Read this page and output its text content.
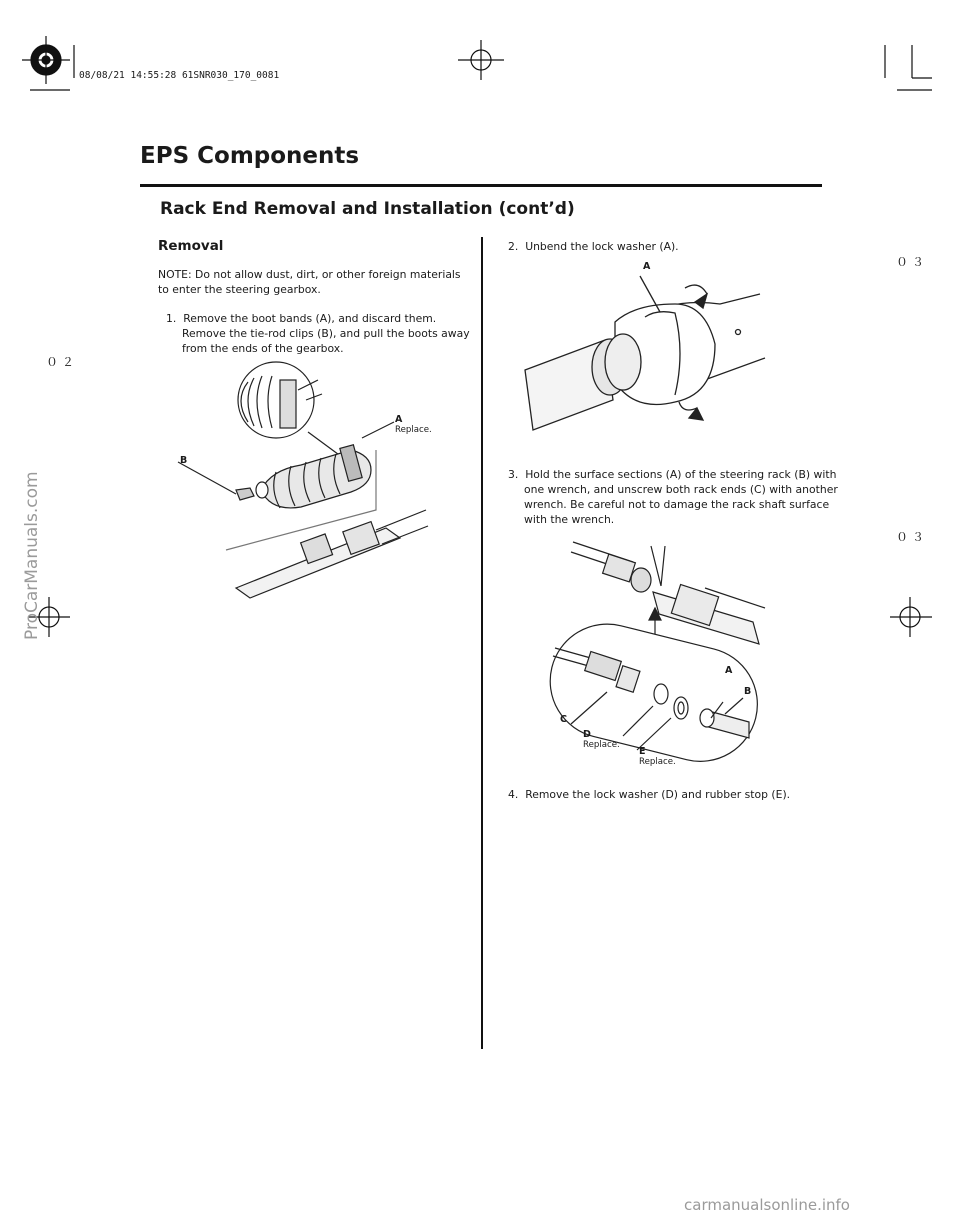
08/08/21 14:55:28 61SNR030_170_0081
０３
０２
０３
EPS Components
Rack End Removal and Installation (cont’d)
Removal
NOTE: Do not allow dust, dirt, or other foreign materials to enter the steering gearbox.
1. Remove the boot bands (A), and discard them. Remove the tie-rod clips (B), and pull the boots away from the ends of the gearbox.
A
Replace.
B
2. Unbend the lock washer (A).
A
3. Hold the surface sections (A) of the steering rack (B) with one wrench, and unscrew both rack ends (C) with another wrench. Be careful not to damage the rack shaft surface with the wrench.
A
B
C
D
Replace.
E
Replace.
4. Remove the lock washer (D) and rubber stop (E).
ProCarManuals.com
carmanualsonline.info
